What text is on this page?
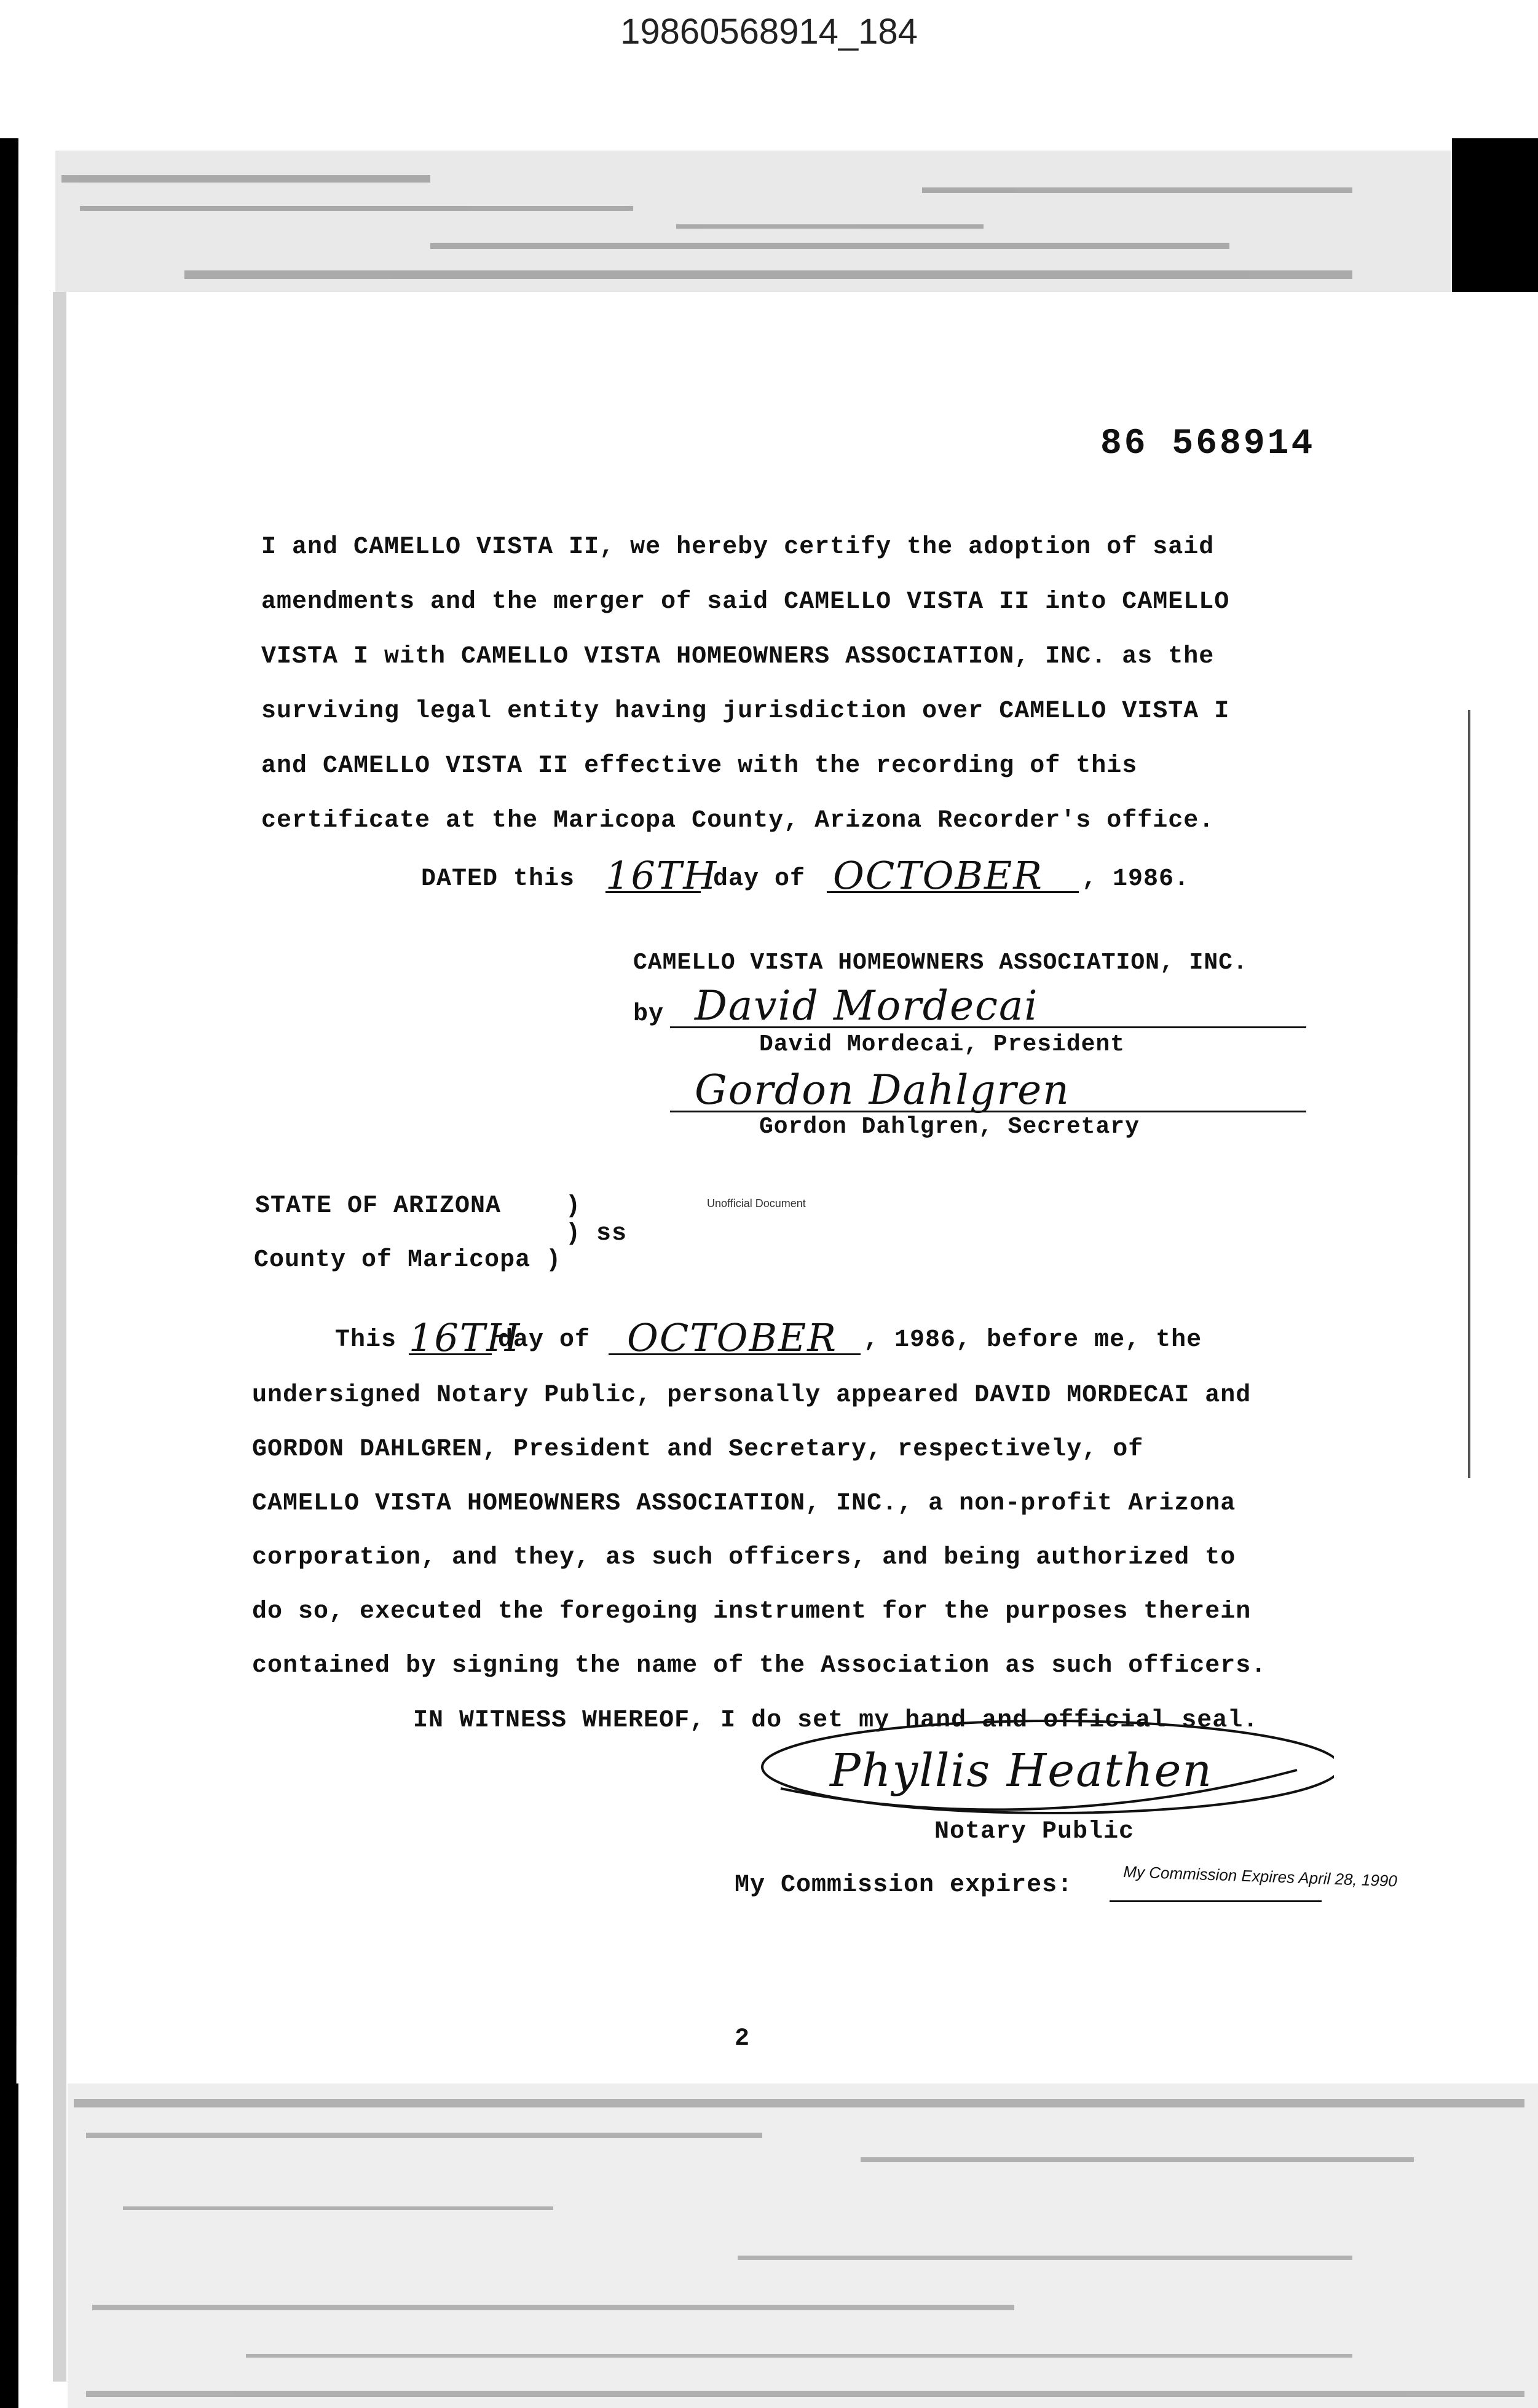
19860568914_184
86 568914
I and CAMELLO VISTA II, we hereby certify the adoption of said
amendments and the merger of said CAMELLO VISTA II into CAMELLO
VISTA I with CAMELLO VISTA HOMEOWNERS ASSOCIATION, INC. as the
surviving legal entity having jurisdiction over CAMELLO VISTA I
and CAMELLO VISTA II effective with the recording of this
certificate at the Maricopa County, Arizona Recorder's office.
DATED this 16TH
day of OCTOBER	, 1986.
CAMELLO VISTA HOMEOWNERS ASSOCIATION, INC.
by David Mordecai
David Mordecai, President
Gordon Dahlgren
Gordon Dahlgren, Secretary
STATE OF ARIZONA	)	Unofficial Document
) ss
County of Maricopa )
This 16TH
day of OCTOBER	, 1986, before me, the
undersigned Notary Public, personally appeared DAVID MORDECAI and
GORDON DAHLGREN, President and Secretary, respectively, of
CAMELLO VISTA HOMEOWNERS ASSOCIATION, INC., a non-profit Arizona
corporation, and they, as such officers, and being authorized to
do so, executed the foregoing instrument for the purposes therein
contained by signing the name of the Association as such officers.
IN WITNESS WHEREOF, I do set my hand and official seal.
Phyllis Heathen
Notary Public
My Commission expires:	My Commission Expires April 28, 1990
2
